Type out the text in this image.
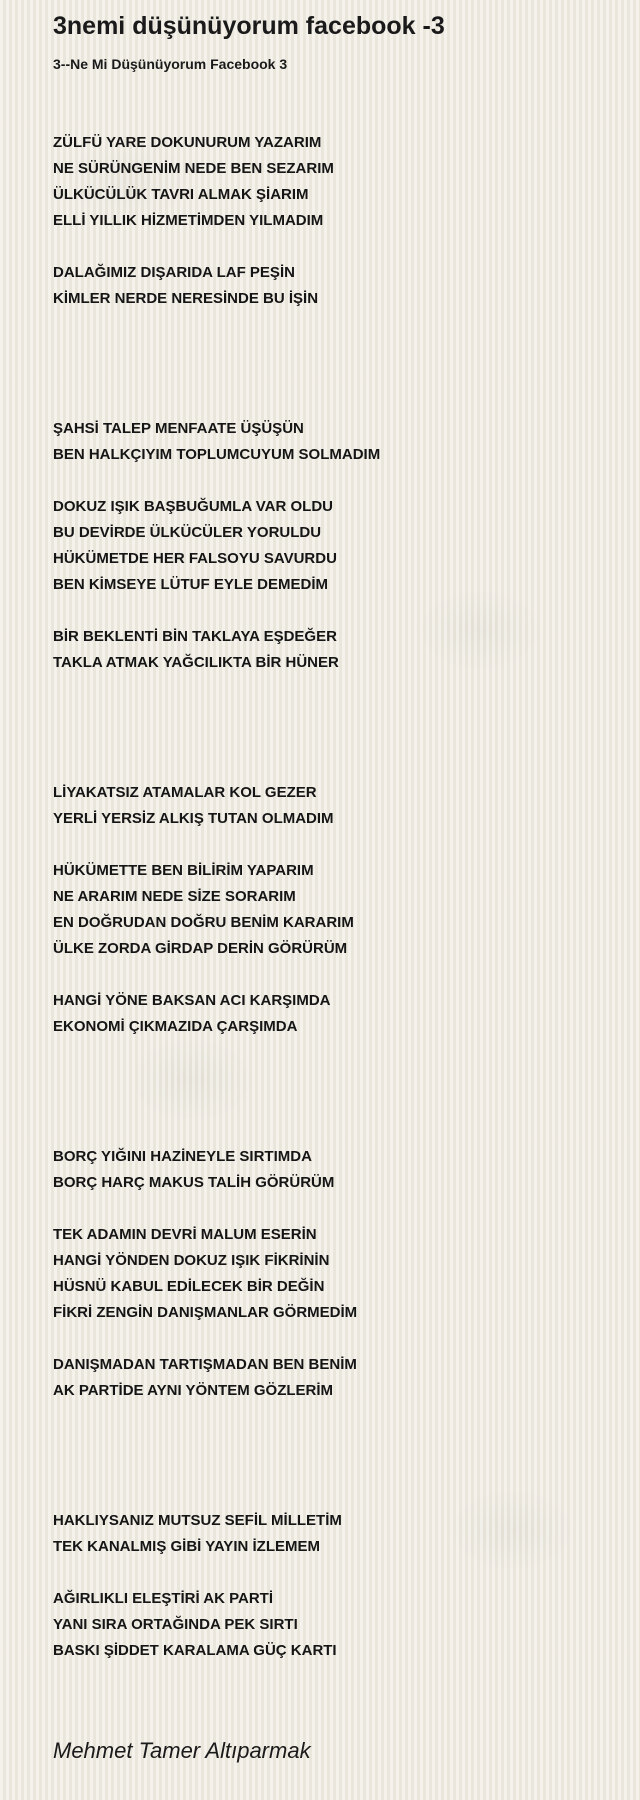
3nemi düşünüyorum facebook -3
3--Ne Mi Düşünüyorum Facebook 3
ZÜLFÜ YARE DOKUNURUM YAZARIM
NE SÜRÜNGENİM NEDE BEN SEZARIM
ÜLKÜCÜLÜK TAVRI ALMAK ŞİARIM
ELLİ YILLIK HİZMETİMDEN YILMADIM
DALAĞIMIZ DIŞARIDA LAF PEŞİN
KİMLER NERDE NERESİNDE BU İŞİN
ŞAHSİ TALEP MENFAATE ÜŞÜŞÜN
BEN HALKÇIYIM TOPLUMCUYUM SOLMADIM
DOKUZ IŞIK BAŞBUĞUMLA VAR OLDU
BU DEVİRDE ÜLKÜCÜLER YORULDU
HÜKÜMETDE HER FALSOYU SAVURDU
BEN KİMSEYE LÜTUF EYLE DEMEDİM
BİR BEKLENTİ BİN TAKLAYA EŞDEĞER
TAKLA ATMAK YAĞCILIKTA BİR HÜNER
LİYAKATSIZ ATAMALAR KOL GEZER
YERLİ YERSİZ ALKIŞ TUTAN OLMADIM
HÜKÜMETTE BEN BİLİRİM YAPARIM
NE ARARIM NEDE SİZE SORARIM
EN DOĞRUDAN DOĞRU BENİM KARARIM
ÜLKE ZORDA GİRDAP DERİN GÖRÜRÜM
HANGİ YÖNE BAKSAN ACI KARŞIMDA
EKONOMİ ÇIKMAZIDA ÇARŞIMDA
BORÇ YIĞINI HAZİNEYLE SIRTIMDA
BORÇ HARÇ MAKUS TALİH GÖRÜRÜM
TEK ADAMIN DEVRİ MALUM ESERİN
HANGİ YÖNDEN DOKUZ IŞIK FİKRİNİN
HÜSNÜ KABUL EDİLECEK BİR DEĞİN
FİKRİ ZENGİN DANIŞMANLAR GÖRMEDİM
DANIŞMADAN TARTIŞMADAN BEN BENİM
AK PARTİDE AYNI YÖNTEM GÖZLERİM
HAKLIYSANIZ MUTSUZ SEFİL MİLLETİM
TEK KANALMIŞ GİBİ YAYIN İZLEMEM
AĞIRLIKLI ELEŞTİRİ AK PARTİ
YANI SIRA ORTAĞINDA PEK SIRTI
BASKI ŞİDDET KARALAMA GÜÇ KARTI
Mehmet Tamer Altıparmak
